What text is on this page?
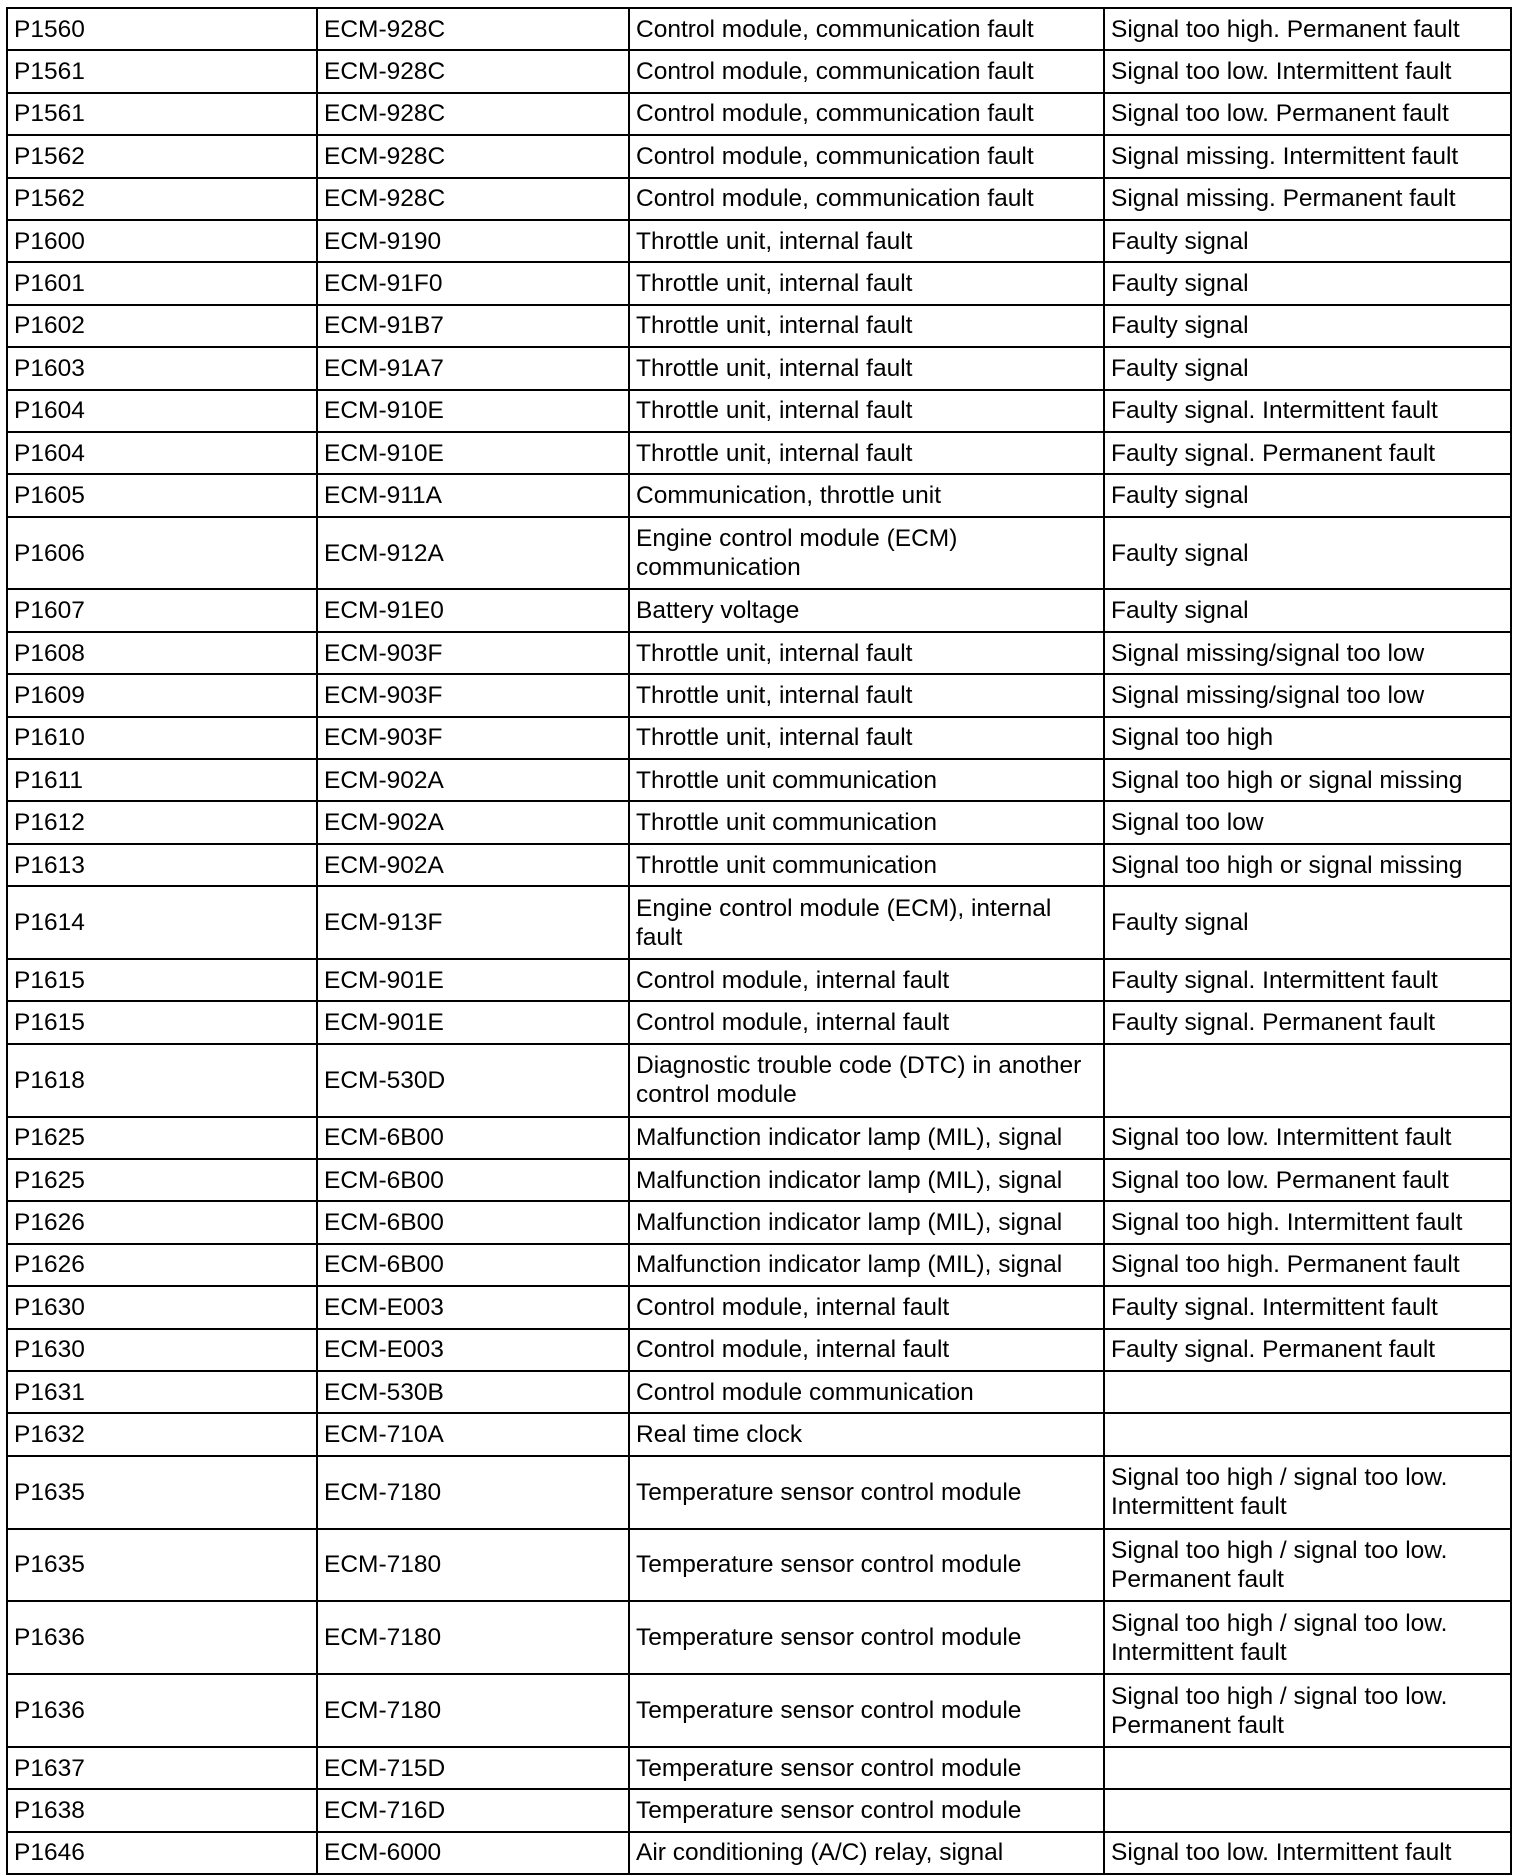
P1560	ECM-928C	Control module, communication fault	Signal too high. Permanent fault
P1561	ECM-928C	Control module, communication fault	Signal too low. Intermittent fault
P1561	ECM-928C	Control module, communication fault	Signal too low. Permanent fault
P1562	ECM-928C	Control module, communication fault	Signal missing. Intermittent fault
P1562	ECM-928C	Control module, communication fault	Signal missing. Permanent fault
P1600	ECM-9190	Throttle unit, internal fault	Faulty signal
P1601	ECM-91F0	Throttle unit, internal fault	Faulty signal
P1602	ECM-91B7	Throttle unit, internal fault	Faulty signal
P1603	ECM-91A7	Throttle unit, internal fault	Faulty signal
P1604	ECM-910E	Throttle unit, internal fault	Faulty signal. Intermittent fault
P1604	ECM-910E	Throttle unit, internal fault	Faulty signal. Permanent fault
P1605	ECM-911A	Communication, throttle unit	Faulty signal
P1606	ECM-912A	Engine control module (ECM) communication	Faulty signal
P1607	ECM-91E0	Battery voltage	Faulty signal
P1608	ECM-903F	Throttle unit, internal fault	Signal missing/signal too low
P1609	ECM-903F	Throttle unit, internal fault	Signal missing/signal too low
P1610	ECM-903F	Throttle unit, internal fault	Signal too high
P1611	ECM-902A	Throttle unit communication	Signal too high or signal missing
P1612	ECM-902A	Throttle unit communication	Signal too low
P1613	ECM-902A	Throttle unit communication	Signal too high or signal missing
P1614	ECM-913F	Engine control module (ECM), internal fault	Faulty signal
P1615	ECM-901E	Control module, internal fault	Faulty signal. Intermittent fault
P1615	ECM-901E	Control module, internal fault	Faulty signal. Permanent fault
P1618	ECM-530D	Diagnostic trouble code (DTC) in another control module	
P1625	ECM-6B00	Malfunction indicator lamp (MIL), signal	Signal too low. Intermittent fault
P1625	ECM-6B00	Malfunction indicator lamp (MIL), signal	Signal too low. Permanent fault
P1626	ECM-6B00	Malfunction indicator lamp (MIL), signal	Signal too high. Intermittent fault
P1626	ECM-6B00	Malfunction indicator lamp (MIL), signal	Signal too high. Permanent fault
P1630	ECM-E003	Control module, internal fault	Faulty signal. Intermittent fault
P1630	ECM-E003	Control module, internal fault	Faulty signal. Permanent fault
P1631	ECM-530B	Control module communication	
P1632	ECM-710A	Real time clock	
P1635	ECM-7180	Temperature sensor control module	Signal too high / signal too low. Intermittent fault
P1635	ECM-7180	Temperature sensor control module	Signal too high / signal too low. Permanent fault
P1636	ECM-7180	Temperature sensor control module	Signal too high / signal too low. Intermittent fault
P1636	ECM-7180	Temperature sensor control module	Signal too high / signal too low. Permanent fault
P1637	ECM-715D	Temperature sensor control module	
P1638	ECM-716D	Temperature sensor control module	
P1646	ECM-6000	Air conditioning (A/C) relay, signal	Signal too low. Intermittent fault
